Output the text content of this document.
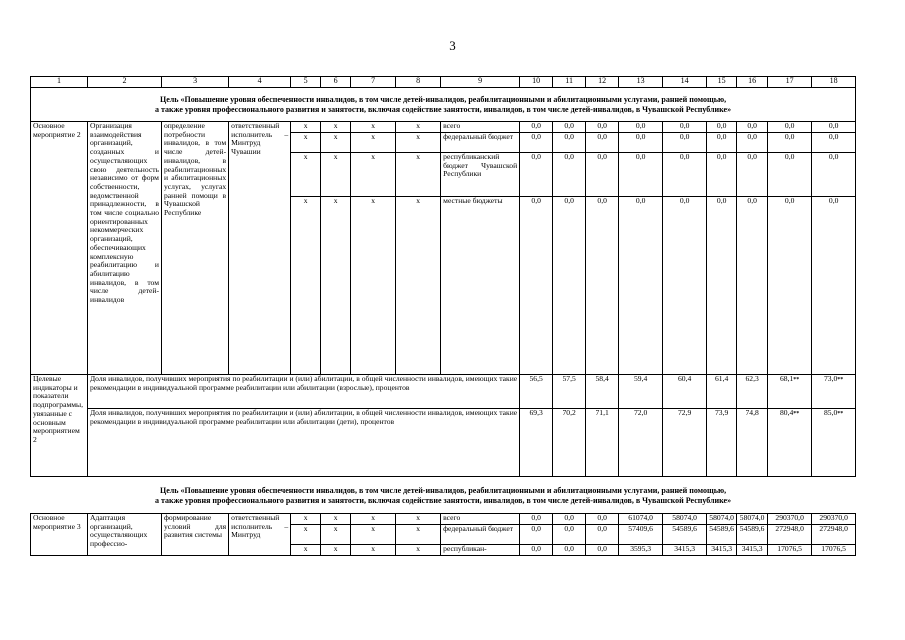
3
1	2	3	4	5	6	7	8	9	10	11	12	13	14	15	16	17	18

Цель «Повышение уровня обеспеченности инвалидов, в том числе детей-инвалидов, реабилитационными и абилитационными услугами, ранней помощью,
а также уровня профессионального развития и занятости, включая содействие занятости, инвалидов, в том числе детей-инвалидов, в Чувашской Республике»																	

Основное мероприятие 2	Организация взаимодействия организаций, созданных и осуществляющих свою деятельность независимо от форм собственности, ведомственной принадлежности, в том числе социально ориентированных некоммерческих организаций, обеспечивающих комплексную реабилитацию и абилитацию инвалидов, в том числе детей-инвалидов	определение потребности инвалидов, в том числе детей-инвалидов, в реабилитационных и абилитационных услугах, услугах ранней помощи в Чувашской Республике	ответственный исполнитель – Минтруд Чувашии	x	x	x	x	всего	0,0	0,0	0,0	0,0	0,0	0,0	0,0	0,0	0,0
				x	x	x	x	федеральный бюджет	0,0	0,0	0,0	0,0	0,0	0,0	0,0	0,0	0,0
				x	x	x	x	республиканский бюджет Чувашской Республики	0,0	0,0	0,0	0,0	0,0	0,0	0,0	0,0	0,0
				x	x	x	x	местные бюджеты	0,0	0,0	0,0	0,0	0,0	0,0	0,0	0,0	0,0
Целевые индикаторы и показатели подпрограммы, увязанные с основным мероприятием 2	Доля инвалидов, получивших мероприятия по реабилитации и (или) абилитации, в общей численности инвалидов, имеющих такие рекомендации в индивидуальной программе реабилитации или абилитации (взрослые), процентов								56,5	57,5	58,4	59,4	60,4	61,4	62,3	68,1**	73,0**
	Доля инвалидов, получивших мероприятия по реабилитации и (или) абилитации, в общей численности инвалидов, имеющих такие рекомендации в индивидуальной программе реабилитации или абилитации (дети), процентов								69,3	70,2	71,1	72,0	72,9	73,9	74,8	80,4**	85,0**

Цель «Повышение уровня обеспеченности инвалидов, в том числе детей-инвалидов, реабилитационными и абилитационными услугами, ранней помощью,
а также уровня профессионального развития и занятости, включая содействие занятости, инвалидов, в том числе детей-инвалидов, в Чувашской Республике»																	

Основное мероприятие 3	Адаптация организаций, осуществляющих профессио-	формирование условий для развития системы	ответственный исполнитель – Минтруд	x	x	x	x	всего	0,0	0,0	0,0	61074,0	58074,0	58074,0	58074,0	290370,0	290370,0
				x	x	x	x	федеральный бюджет	0,0	0,0	0,0	57409,6	54589,6	54589,6	54589,6	272948,0	272948,0
				x	x	x	x	республикан-	0,0	0,0	0,0	3595,3	3415,3	3415,3	3415,3	17076,5	17076,5
